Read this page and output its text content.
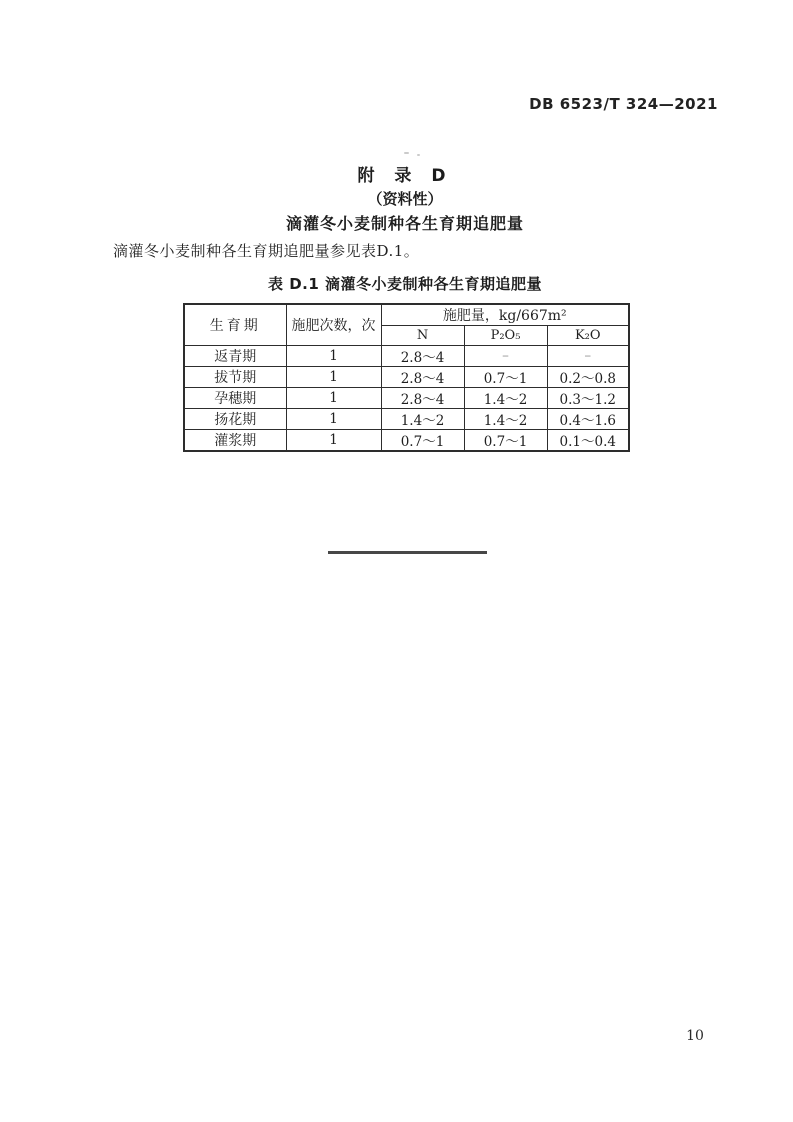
DB 6523/T 324—2021
附 录 D
（资料性）
滴灌冬小麦制种各生育期追肥量

滴灌冬小麦制种各生育期追肥量参见表D.1。

表 D.1 滴灌冬小麦制种各生育期追肥量
生育期	施肥次数，次	施肥量，kg/667m²		
		N	P₂O₅	K₂O
返青期	1	2.8～4	–	–
拔节期	1	2.8～4	0.7～1	0.2～0.8
孕穗期	1	2.8～4	1.4～2	0.3～1.2
扬花期	1	1.4～2	1.4～2	0.4～1.6
灌浆期	1	0.7～1	0.7～1	0.1～0.4
10
